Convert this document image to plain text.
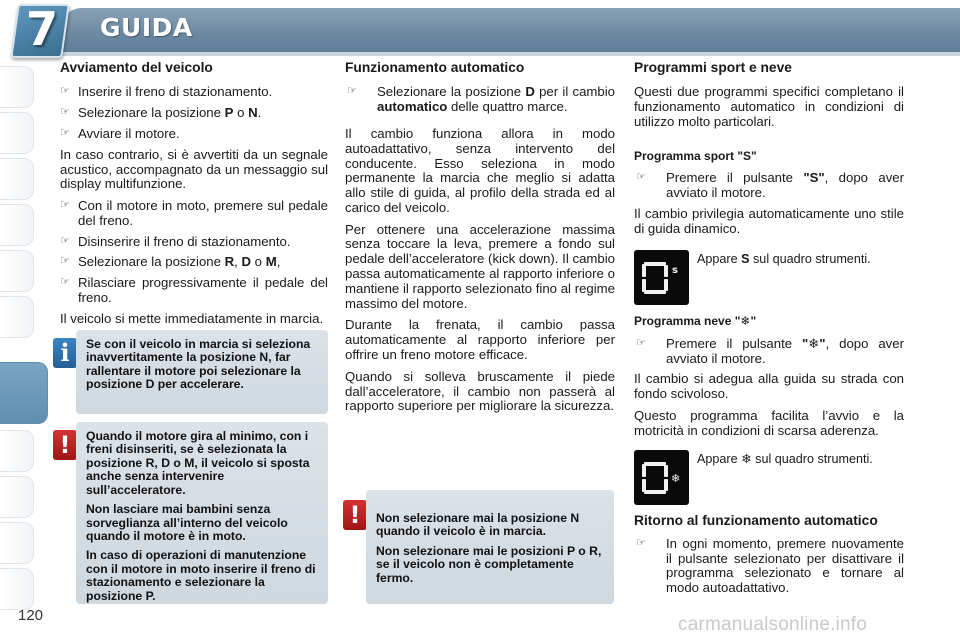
7 GUIDA
Avviamento del veicolo
☞ Inserire il freno di stazionamento.
☞ Selezionare la posizione P o N.
☞ Avviare il motore.

In caso contrario, si è avvertiti da un segnale acustico, accompagnato da un messaggio sul display multifunzione.

☞ Con il motore in moto, premere sul pedale del freno.
☞ Disinserire il freno di stazionamento.
☞ Selezionare la posizione R, D o M,
☞ Rilasciare progressivamente il pedale del freno.

Il veicolo si mette immediatamente in marcia.

i	Se con il veicolo in marcia si seleziona inavvertitamente la posizione N, far rallentare il motore poi selezionare la posizione D per accelerare.

!	Quando il motore gira al minimo, con i freni disinseriti, se è selezionata la posizione R, D o M, il veicolo si sposta anche senza intervenire sull’acceleratore.

Non lasciare mai bambini senza sorveglianza all’interno del veicolo quando il motore è in moto.

In caso di operazioni di manutenzione con il motore in moto inserire il freno di stazionamento e selezionare la posizione P.

Funzionamento automatico
☞ Selezionare la posizione D per il cambio automatico delle quattro marce.

Il cambio funziona allora in modo autoadattativo, senza intervento del conducente. Esso seleziona in modo permanente la marcia che meglio si adatta allo stile di guida, al profilo della strada ed al carico del veicolo.

Per ottenere una accelerazione massima senza toccare la leva, premere a fondo sul pedale dell’acceleratore (kick down). Il cambio passa automaticamente al rapporto inferiore o mantiene il rapporto selezionato fino al regime massimo del motore.

Durante la frenata, il cambio passa automaticamente al rapporto inferiore per offrire un freno motore efficace.

Quando si solleva bruscamente il piede dall’acceleratore, il cambio non passerà al rapporto superiore per migliorare la sicurezza.

!	Non selezionare mai la posizione N quando il veicolo è in marcia.

Non selezionare mai le posizioni P o R, se il veicolo non è completamente fermo.

Programmi sport e neve

Questi due programmi specifici completano il funzionamento automatico in condizioni di utilizzo molto particolari.

Programma sport "S"
☞ Premere il pulsante "S", dopo aver avviato il motore.

Il cambio privilegia automaticamente uno stile di guida dinamico.

s
Appare S sul quadro strumenti.
Programma neve "❄"
☞ Premere il pulsante "❄", dopo aver avviato il motore.

Il cambio si adegua alla guida su strada con fondo scivoloso.

Questo programma facilita l’avvio e la motricità in condizioni di scarsa aderenza.

❄
Appare ❄ sul quadro strumenti.
Ritorno al funzionamento automatico
☞ In ogni momento, premere nuovamente il pulsante selezionato per disattivare il programma selezionato e tornare al modo autoadattativo.
120	carmanualsonline.info
